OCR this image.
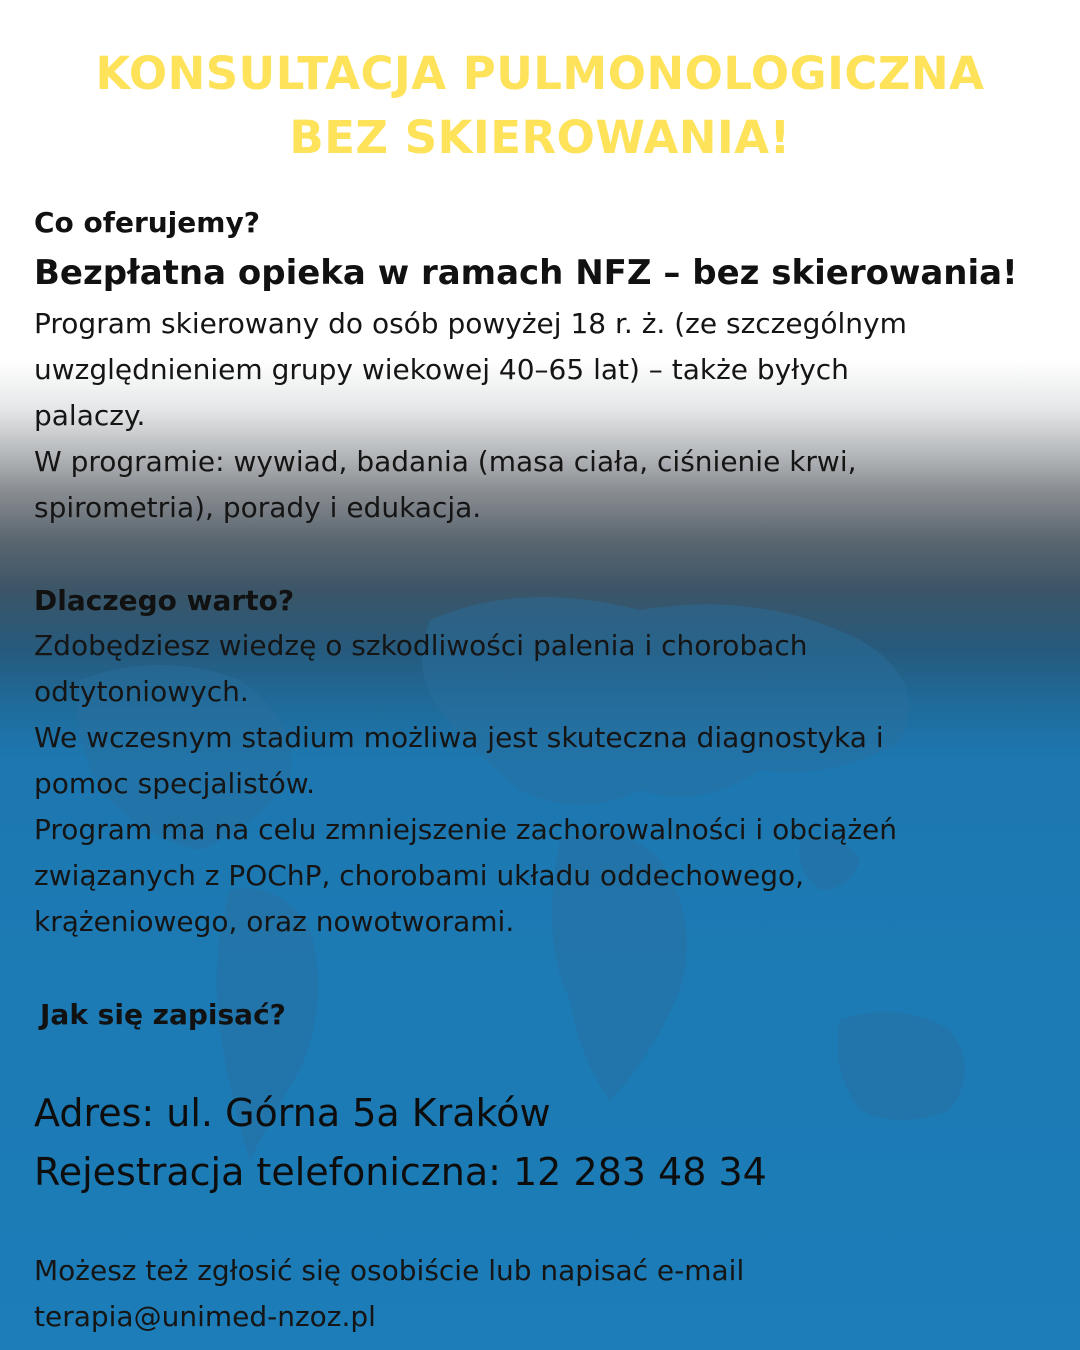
KONSULTACJA PULMONOLOGICZNA
BEZ SKIEROWANIA!
Co oferujemy?
Bezpłatna opieka w ramach NFZ – bez skierowania!
Program skierowany do osób powyżej 18 r. ż. (ze szczególnym
uwzględnieniem grupy wiekowej 40–65 lat) – także byłych
palaczy.
W programie: wywiad, badania (masa ciała, ciśnienie krwi,
spirometria), porady i edukacja.
Dlaczego warto?
Zdobędziesz wiedzę o szkodliwości palenia i chorobach
odtytoniowych.
We wczesnym stadium możliwa jest skuteczna diagnostyka i
pomoc specjalistów.
Program ma na celu zmniejszenie zachorowalności i obciążeń
związanych z POChP, chorobami układu oddechowego,
krążeniowego, oraz nowotworami.
Jak się zapisać?
Adres: ul. Górna 5a Kraków
Rejestracja telefoniczna: 12 283 48 34
Możesz też zgłosić się osobiście lub napisać e-mail
terapia@unimed-nzoz.pl
